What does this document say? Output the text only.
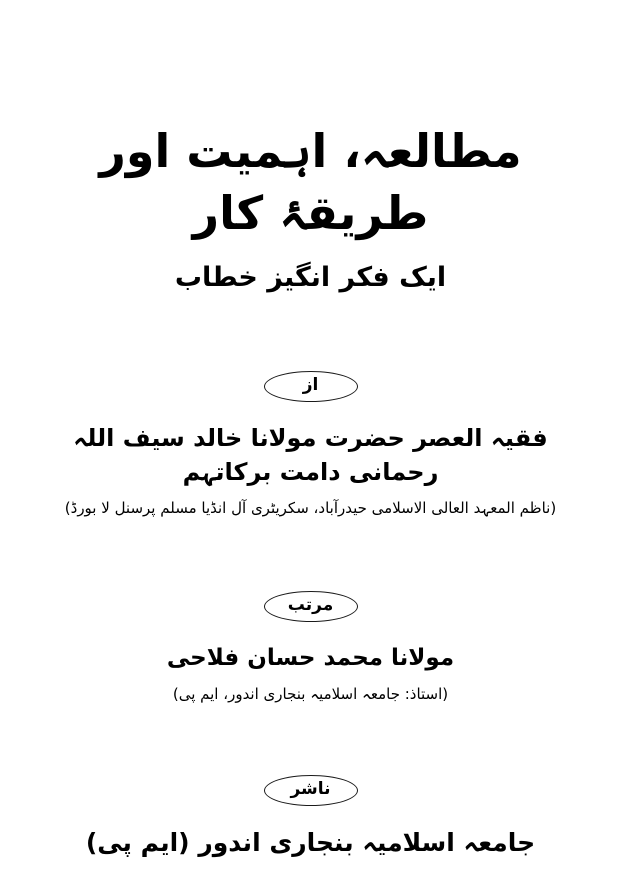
مطالعہ، اہمیت اور طریقۂ کار
ایک فکر انگیز خطاب
از
فقیہ العصر حضرت مولانا خالد سیف اللہ رحمانی دامت برکاتہم
(ناظم المعہد العالی الاسلامی حیدرآباد، سکریٹری آل انڈیا مسلم پرسنل لا بورڈ)
مرتب
مولانا محمد حسان فلاحی
(استاذ: جامعہ اسلامیہ بنجاری اندور، ایم پی)
ناشر
جامعہ اسلامیہ بنجاری اندور (ایم پی)
